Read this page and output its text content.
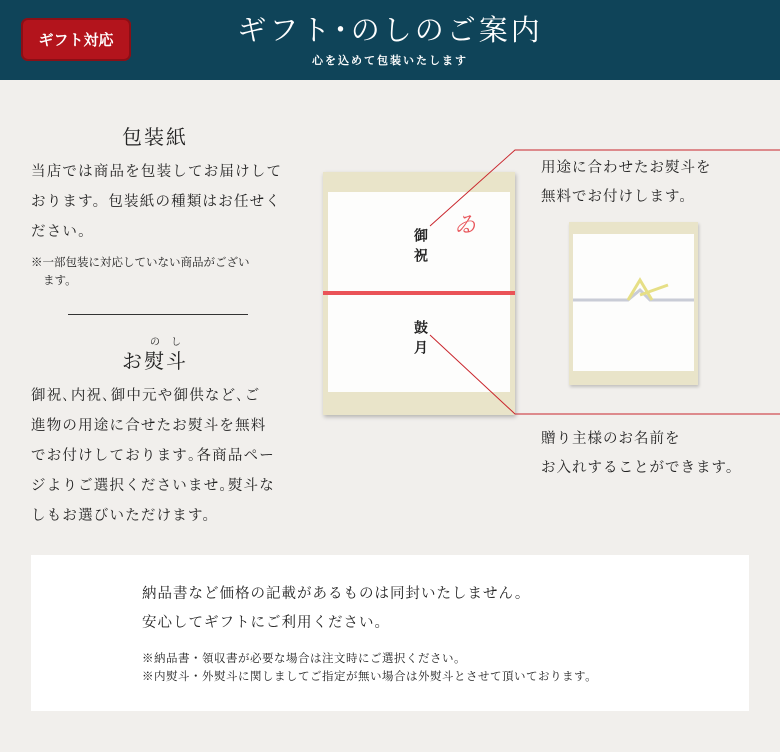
ギフト対応	ギフト･のしのご案内
心を込めて包装いたします
包装紙
当店では商品を包装してお届けして
おります。包装紙の種類はお任せく
ださい。
※一部包装に対応していない商品がござい
ます。
のし
お熨斗
御祝､内祝､御中元や御供など､ご
進物の用途に合せたお熨斗を無料
でお付けしております｡各商品ペー
ジよりご選択くださいませ｡熨斗な
しもお選びいただけます。
御祝
鼓月
ゐ
用途に合わせたお熨斗を
無料でお付けします。
贈り主様のお名前を
お入れすることができます。
納品書など価格の記載があるものは同封いたしません。
安心してギフトにご利用ください。
※納品書・領収書が必要な場合は注文時にご選択ください。
※内熨斗・外熨斗に関しましてご指定が無い場合は外熨斗とさせて頂いております。
